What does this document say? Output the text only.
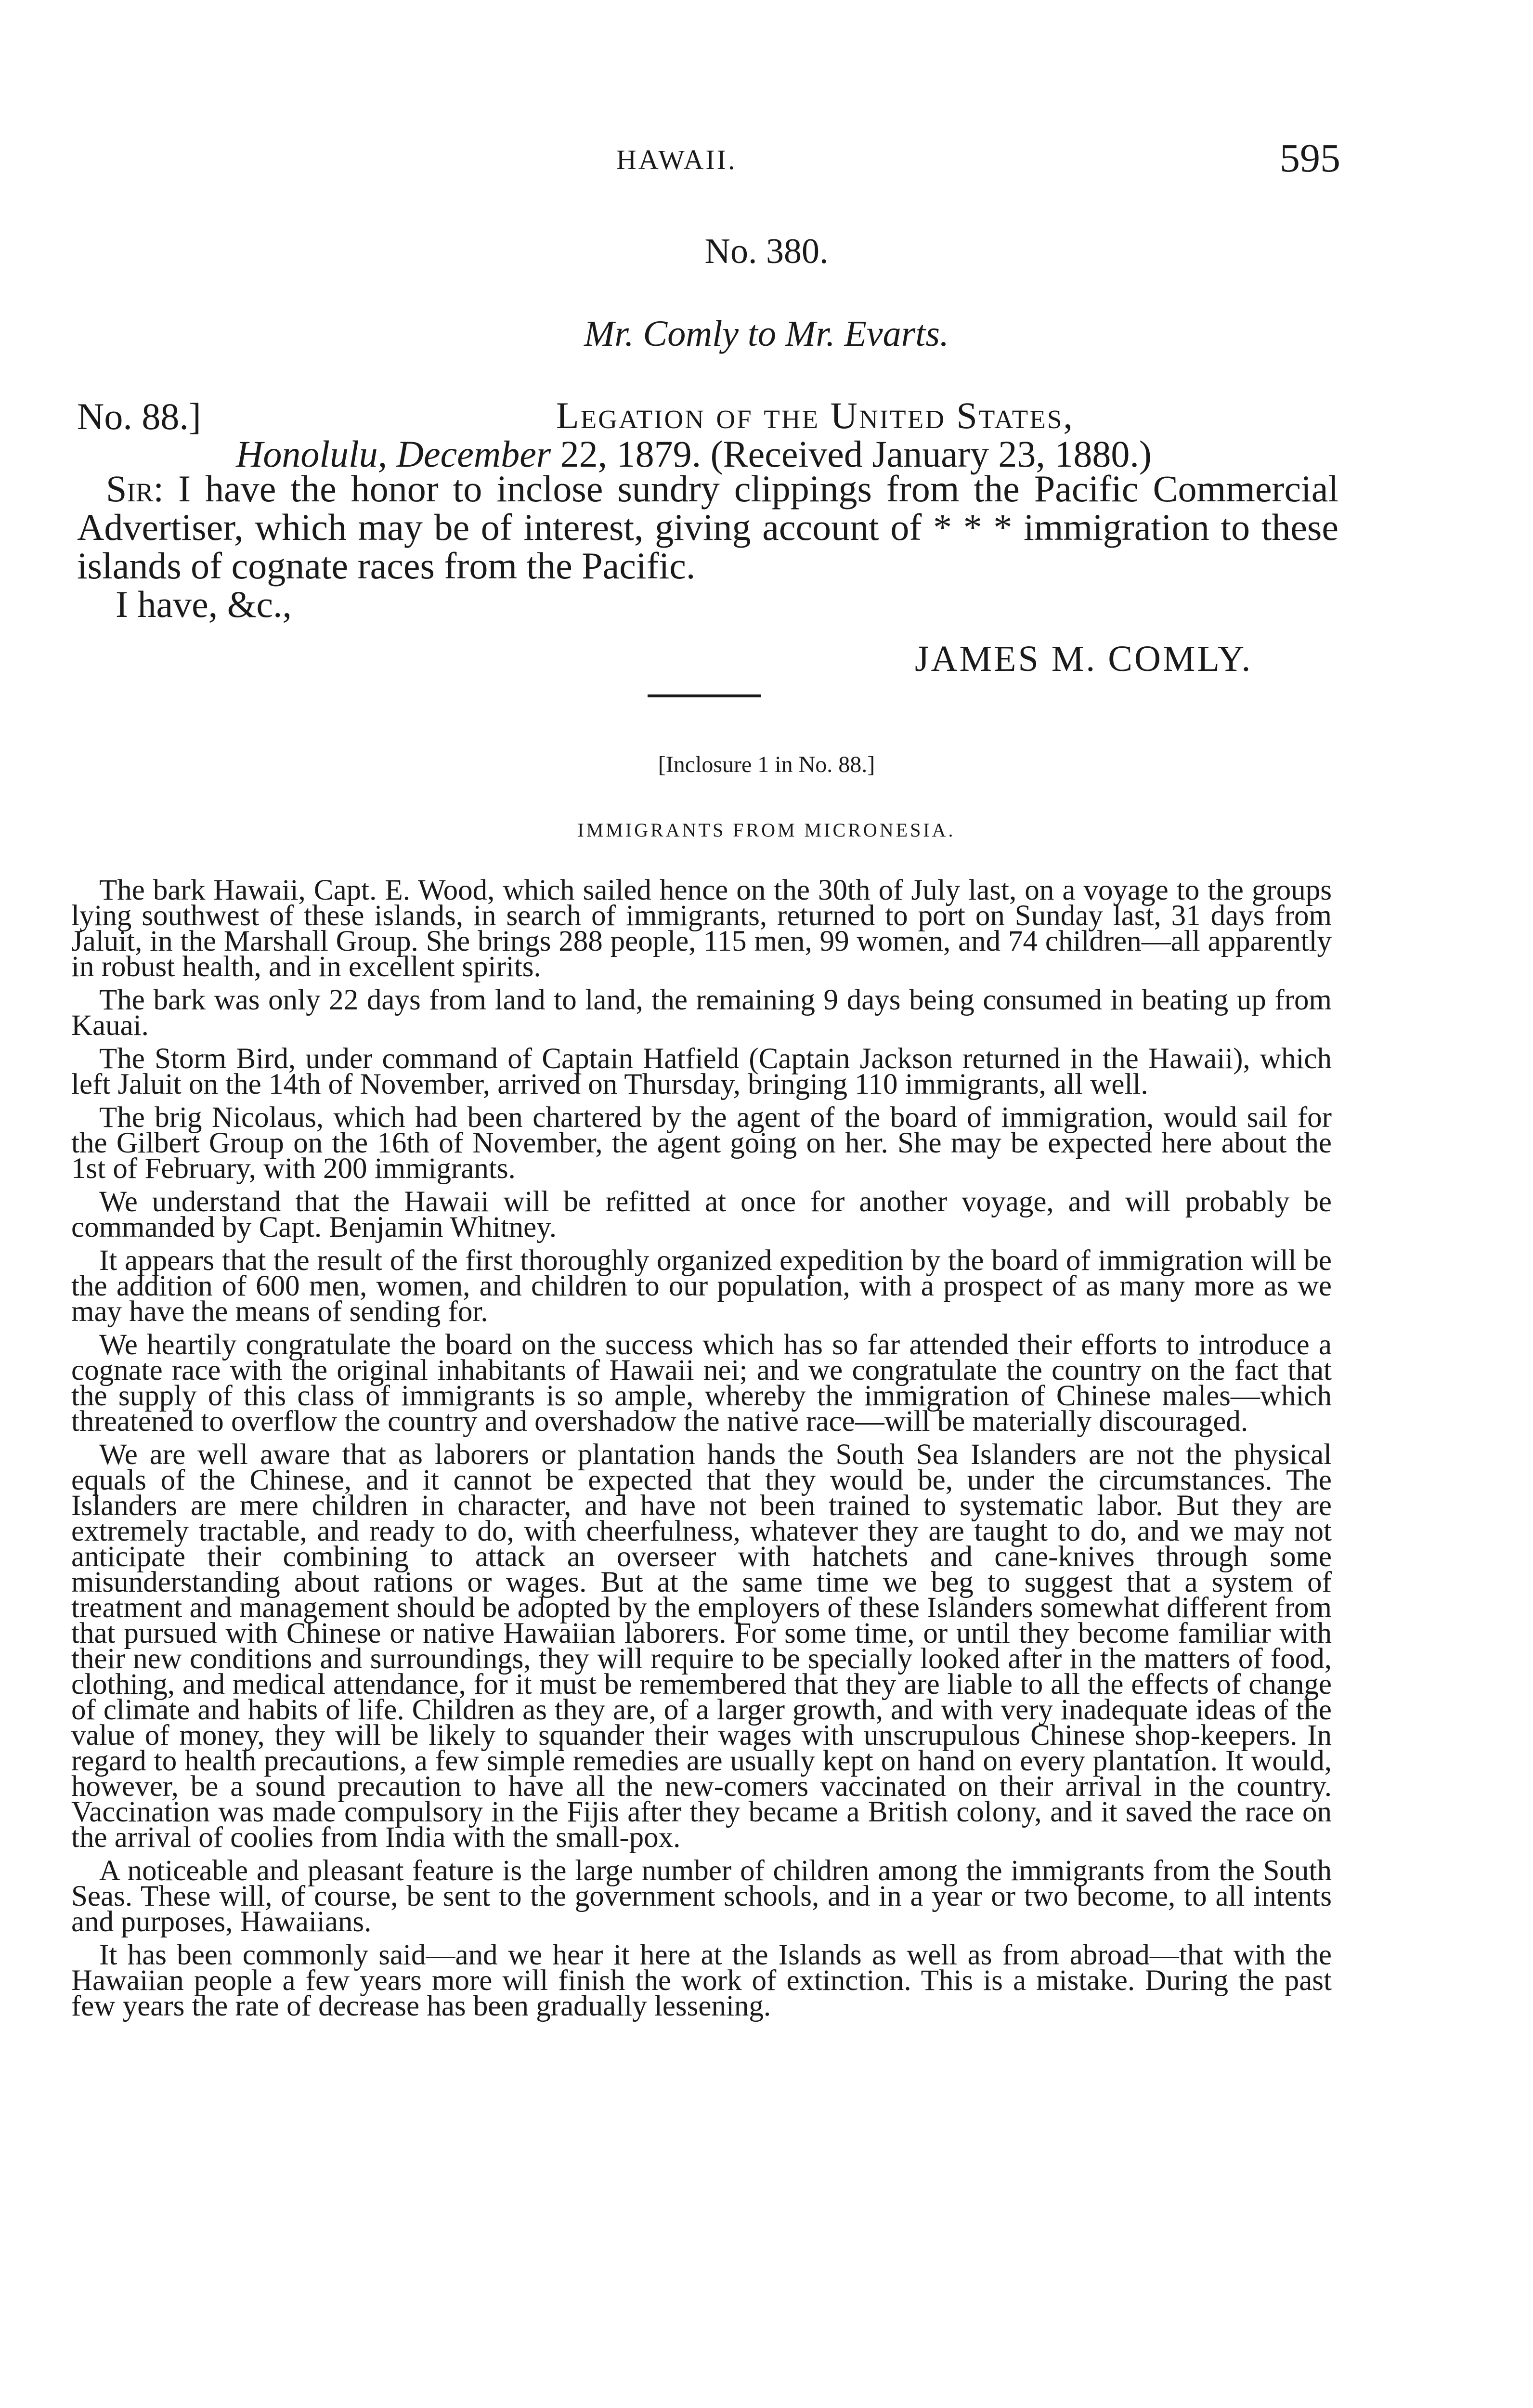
HAWAII.	595
No. 380.
Mr. Comly to Mr. Evarts.
No. 88.]	Legation of the United States,
Honolulu, December 22, 1879. (Received January 23, 1880.)

Sir: I have the honor to inclose sundry clippings from the Pacific Commercial Advertiser, which may be of interest, giving account of * * * immigration to these islands of cognate races from the Pacific.

I have, &c.,

JAMES M. COMLY.
[Inclosure 1 in No. 88.]
IMMIGRANTS FROM MICRONESIA.

The bark Hawaii, Capt. E. Wood, which sailed hence on the 30th of July last, on a voyage to the groups lying southwest of these islands, in search of immigrants, returned to port on Sunday last, 31 days from Jaluit, in the Marshall Group. She brings 288 people, 115 men, 99 women, and 74 children—all apparently in robust health, and in excellent spirits.

The bark was only 22 days from land to land, the remaining 9 days being consumed in beating up from Kauai.

The Storm Bird, under command of Captain Hatfield (Captain Jackson returned in the Hawaii), which left Jaluit on the 14th of November, arrived on Thursday, bringing 110 immigrants, all well.

The brig Nicolaus, which had been chartered by the agent of the board of immigration, would sail for the Gilbert Group on the 16th of November, the agent going on her. She may be expected here about the 1st of February, with 200 immigrants.

We understand that the Hawaii will be refitted at once for another voyage, and will probably be commanded by Capt. Benjamin Whitney.

It appears that the result of the first thoroughly organized expedition by the board of immigration will be the addition of 600 men, women, and children to our population, with a prospect of as many more as we may have the means of sending for.

We heartily congratulate the board on the success which has so far attended their efforts to introduce a cognate race with the original inhabitants of Hawaii nei; and we congratulate the country on the fact that the supply of this class of immigrants is so ample, whereby the immigration of Chinese males—which threatened to overflow the country and overshadow the native race—will be materially discouraged.

We are well aware that as laborers or plantation hands the South Sea Islanders are not the physical equals of the Chinese, and it cannot be expected that they would be, under the circumstances. The Islanders are mere children in character, and have not been trained to systematic labor. But they are extremely tractable, and ready to do, with cheerfulness, whatever they are taught to do, and we may not anticipate their combining to attack an overseer with hatchets and cane-knives through some misunderstanding about rations or wages. But at the same time we beg to suggest that a system of treatment and management should be adopted by the employers of these Islanders somewhat different from that pursued with Chinese or native Hawaiian laborers. For some time, or until they become familiar with their new conditions and surroundings, they will require to be specially looked after in the matters of food, clothing, and medical attendance, for it must be remembered that they are liable to all the effects of change of climate and habits of life. Children as they are, of a larger growth, and with very inadequate ideas of the value of money, they will be likely to squander their wages with unscrupulous Chinese shop-keepers. In regard to health precautions, a few simple remedies are usually kept on hand on every plantation. It would, however, be a sound precaution to have all the new-comers vaccinated on their arrival in the country. Vaccination was made compulsory in the Fijis after they became a British colony, and it saved the race on the arrival of coolies from India with the small-pox.

A noticeable and pleasant feature is the large number of children among the immigrants from the South Seas. These will, of course, be sent to the government schools, and in a year or two become, to all intents and purposes, Hawaiians.

It has been commonly said—and we hear it here at the Islands as well as from abroad—that with the Hawaiian people a few years more will finish the work of extinction. This is a mistake. During the past few years the rate of decrease has been gradually lessening.
